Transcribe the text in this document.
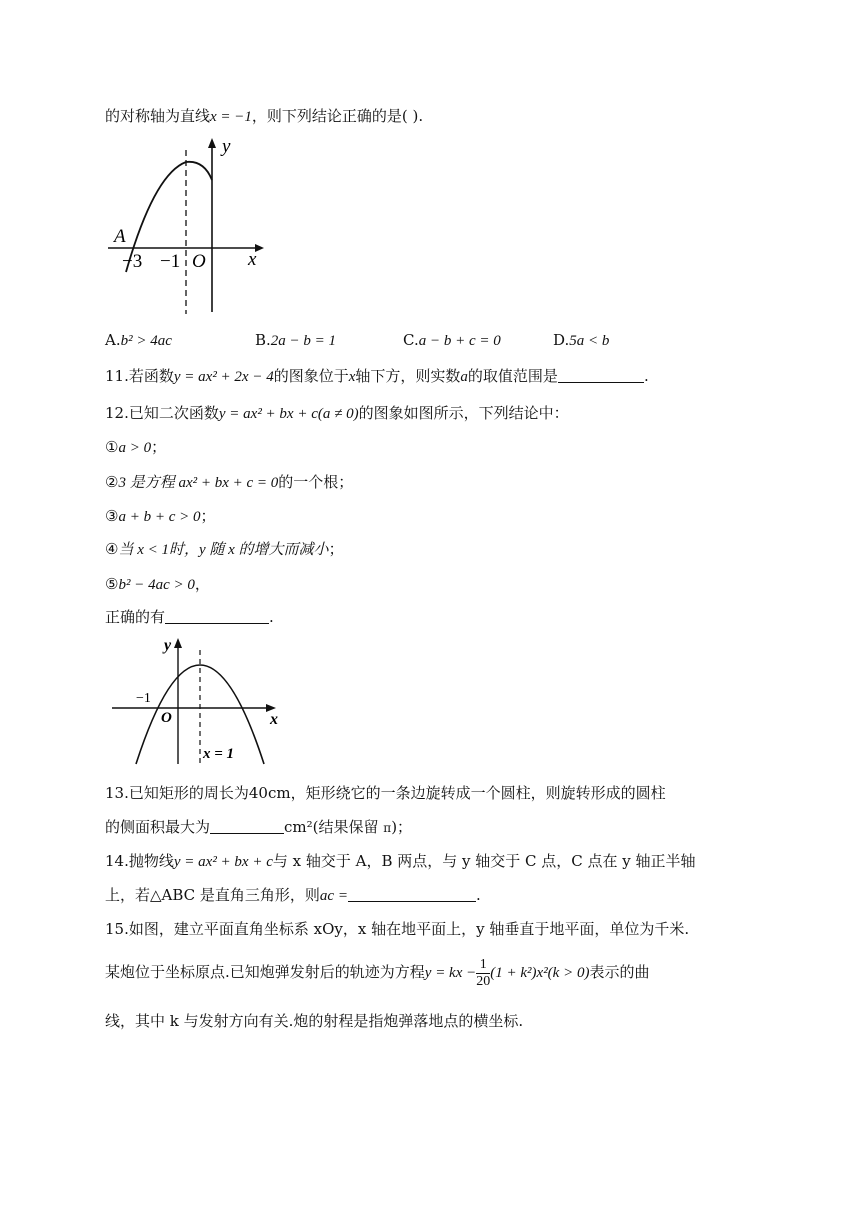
的对称轴为直线x = −1，则下列结论正确的是( ).
A
y
x
O
−3 −1
A.b² > 4ac	B.2a − b = 1	C.a − b + c = 0	D.5a < b
11.若函数y = ax² + 2x − 4的图象位于x轴下方，则实数a的取值范围是	.
12.已知二次函数y = ax² + bx + c(a ≠ 0)的图象如图所示，下列结论中：
①a > 0；
②3 是方程 ax² + bx + c = 0的一个根；
③a + b + c > 0；
④当 x < 1时，y 随 x 的增大而减小；
⑤b² − 4ac > 0，
正确的有	.
y
x
O
−1
x = 1
13.已知矩形的周长为40cm，矩形绕它的一条边旋转成一个圆柱，则旋转形成的圆柱
的侧面积最大为	cm²(结果保留 π)；
14.抛物线y = ax² + bx + c与 x 轴交于 A，B 两点，与 y 轴交于 C 点，C 点在 y 轴正半轴
上，若△ABC 是直角三角形，则ac =	.
15.如图，建立平面直角坐标系 xOy，x 轴在地平面上，y 轴垂直于地平面，单位为千米.
某炮位于坐标原点.已知炮弹发射后的轨迹为方程y = kx − $\frac{1}{20} (1 + k^2)x^2(k > 0)$表示的曲
线，其中 k 与发射方向有关.炮的射程是指炮弹落地点的横坐标.
